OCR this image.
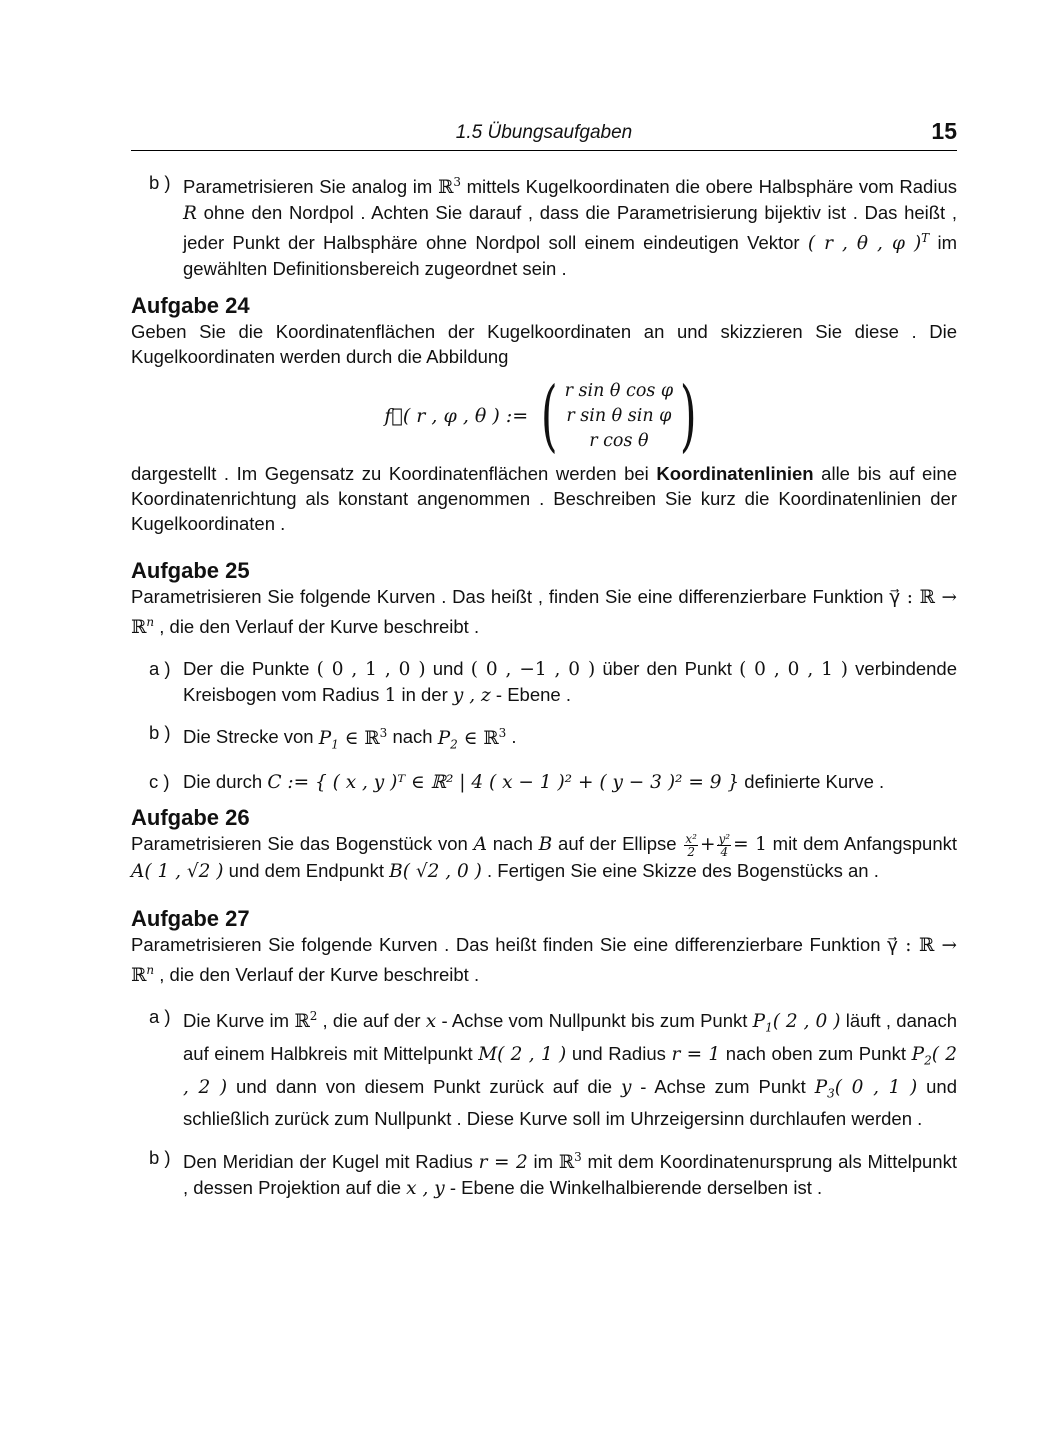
1.5 Übungsaufgaben	15
b ) Parametrisieren Sie analog im ℝ$^3$ mittels Kugelkoordinaten die obere Halbsphäre vom Radius R ohne den Nordpol . Achten Sie darauf , dass die Parametrisierung bijektiv ist . Das heißt , jeder Punkt der Halbsphäre ohne Nordpol soll einem eindeutigen Vektor ( r , θ , φ )$^T$ im gewählten Definitionsbereich zugeordnet sein .
Aufgabe 24

Geben Sie die Koordinatenflächen der Kugelkoordinaten an und skizzieren Sie diese . Die Kugelkoordinaten werden durch die Abbildung

f⃗( r , φ , θ ) := ( r sin θ cos φ
r sin θ sin φ
r cos θ )

dargestellt . Im Gegensatz zu Koordinatenflächen werden bei Koordinatenlinien alle bis auf eine Koordinatenrichtung als konstant angenommen . Beschreiben Sie kurz die Koordinatenlinien der Kugelkoordinaten .

Aufgabe 25

Parametrisieren Sie folgende Kurven . Das heißt , finden Sie eine differenzierbare Funktion γ⃗ : ℝ → ℝ$^n$ , die den Verlauf der Kurve beschreibt .

a ) Der die Punkte ( 0 , 1 , 0 ) und ( 0 , −1 , 0 ) über den Punkt ( 0 , 0 , 1 ) verbindende Kreisbogen vom Radius 1 in der y , z - Ebene .
b ) Die Strecke von $P_1$ ∈ ℝ$^3$ nach $P_2$ ∈ ℝ$^3$ .
c ) Die durch C := { ( x , y )ᵀ ∈ ℝ² | 4 ( x − 1 )² + ( y − 3 )² = 9 } definierte Kurve .
Aufgabe 26

Parametrisieren Sie das Bogenstück von A nach B auf der Ellipse $\frac{\text{x²}}{2} + \frac{\text{y²}}{4} = 1$ mit dem Anfangspunkt A( 1 , √2 ) und dem Endpunkt B( √2 , 0 ) . Fertigen Sie eine Skizze des Bogenstücks an .

Aufgabe 27

Parametrisieren Sie folgende Kurven . Das heißt finden Sie eine differenzierbare Funktion γ⃗ : ℝ → ℝ$^n$ , die den Verlauf der Kurve beschreibt .

a ) Die Kurve im ℝ$^2$ , die auf der x - Achse vom Nullpunkt bis zum Punkt $P_1$( 2 , 0 ) läuft , danach auf einem Halbkreis mit Mittelpunkt M( 2 , 1 ) und Radius r = 1 nach oben zum Punkt $P_2$( 2 , 2 ) und dann von diesem Punkt zurück auf die y - Achse zum Punkt $P_3$( 0 , 1 ) und schließlich zurück zum Nullpunkt . Diese Kurve soll im Uhrzeigersinn durchlaufen werden .
b ) Den Meridian der Kugel mit Radius r = 2 im ℝ$^3$ mit dem Koordinatenursprung als Mittelpunkt , dessen Projektion auf die x , y - Ebene die Winkelhalbierende derselben ist .
